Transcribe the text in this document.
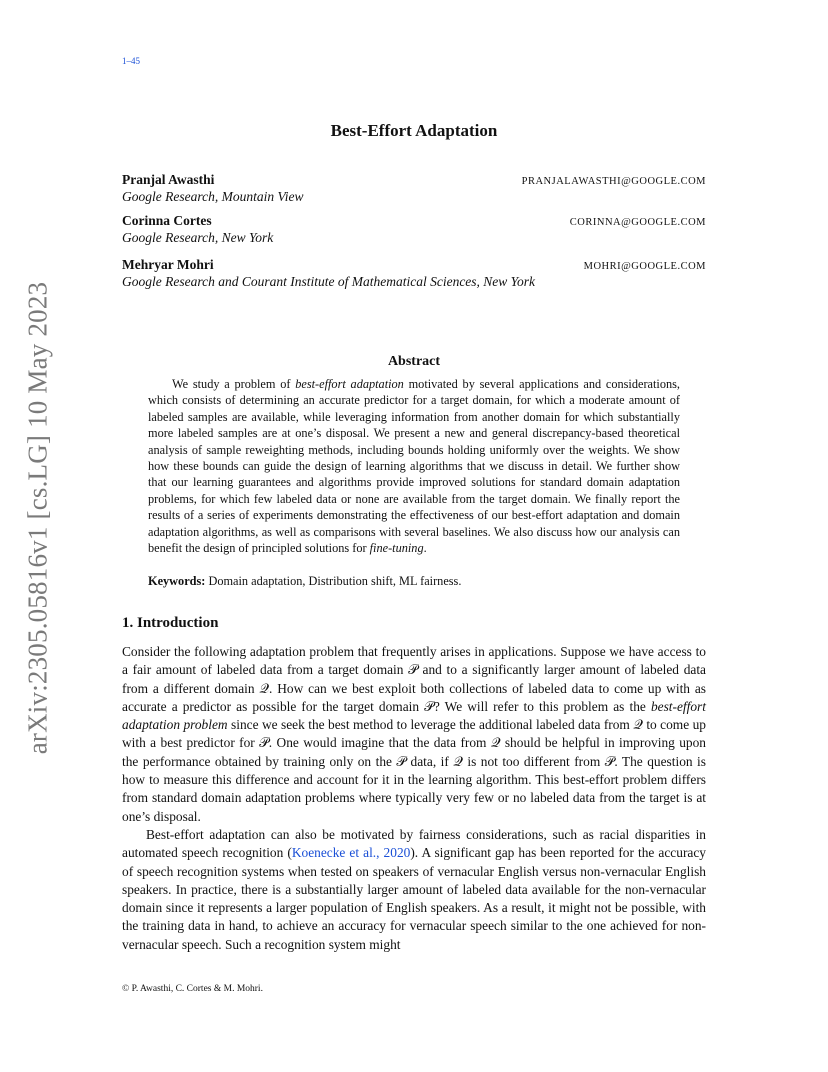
1–45
arXiv:2305.05816v1 [cs.LG] 10 May 2023
Best-Effort Adaptation
Pranjal Awasthi	PRANJALAWASTHI@GOOGLE.COM
Google Research, Mountain View
Corinna Cortes	CORINNA@GOOGLE.COM
Google Research, New York
Mehryar Mohri	MOHRI@GOOGLE.COM
Google Research and Courant Institute of Mathematical Sciences, New York
Abstract
We study a problem of best-effort adaptation motivated by several applications and considerations, which consists of determining an accurate predictor for a target domain, for which a moderate amount of labeled samples are available, while leveraging information from another domain for which substantially more labeled samples are at one’s disposal. We present a new and general discrepancy-based theoretical analysis of sample reweighting methods, including bounds holding uniformly over the weights. We show how these bounds can guide the design of learning algorithms that we discuss in detail. We further show that our learning guarantees and algorithms provide improved solutions for standard domain adaptation problems, for which few labeled data or none are available from the target domain. We finally report the results of a series of experiments demonstrating the effectiveness of our best-effort adaptation and domain adaptation algorithms, as well as comparisons with several baselines. We also discuss how our analysis can benefit the design of principled solutions for fine-tuning.
Keywords: Domain adaptation, Distribution shift, ML fairness.
1. Introduction

Consider the following adaptation problem that frequently arises in applications. Suppose we have access to a fair amount of labeled data from a target domain 𝒫 and to a significantly larger amount of labeled data from a different domain 𝒬. How can we best exploit both collections of labeled data to come up with as accurate a predictor as possible for the target domain 𝒫? We will refer to this problem as the best-effort adaptation problem since we seek the best method to leverage the additional labeled data from 𝒬 to come up with a best predictor for 𝒫. One would imagine that the data from 𝒬 should be helpful in improving upon the performance obtained by training only on the 𝒫 data, if 𝒬 is not too different from 𝒫. The question is how to measure this difference and account for it in the learning algorithm. This best-effort problem differs from standard domain adaptation problems where typically very few or no labeled data from the target is at one’s disposal.

Best-effort adaptation can also be motivated by fairness considerations, such as racial disparities in automated speech recognition (Koenecke et al., 2020). A significant gap has been reported for the accuracy of speech recognition systems when tested on speakers of vernacular English versus non-vernacular English speakers. In practice, there is a substantially larger amount of labeled data available for the non-vernacular domain since it represents a larger population of English speakers. As a result, it might not be possible, with the training data in hand, to achieve an accuracy for vernacular speech similar to the one achieved for non-vernacular speech. Such a recognition system might

© P. Awasthi, C. Cortes & M. Mohri.
